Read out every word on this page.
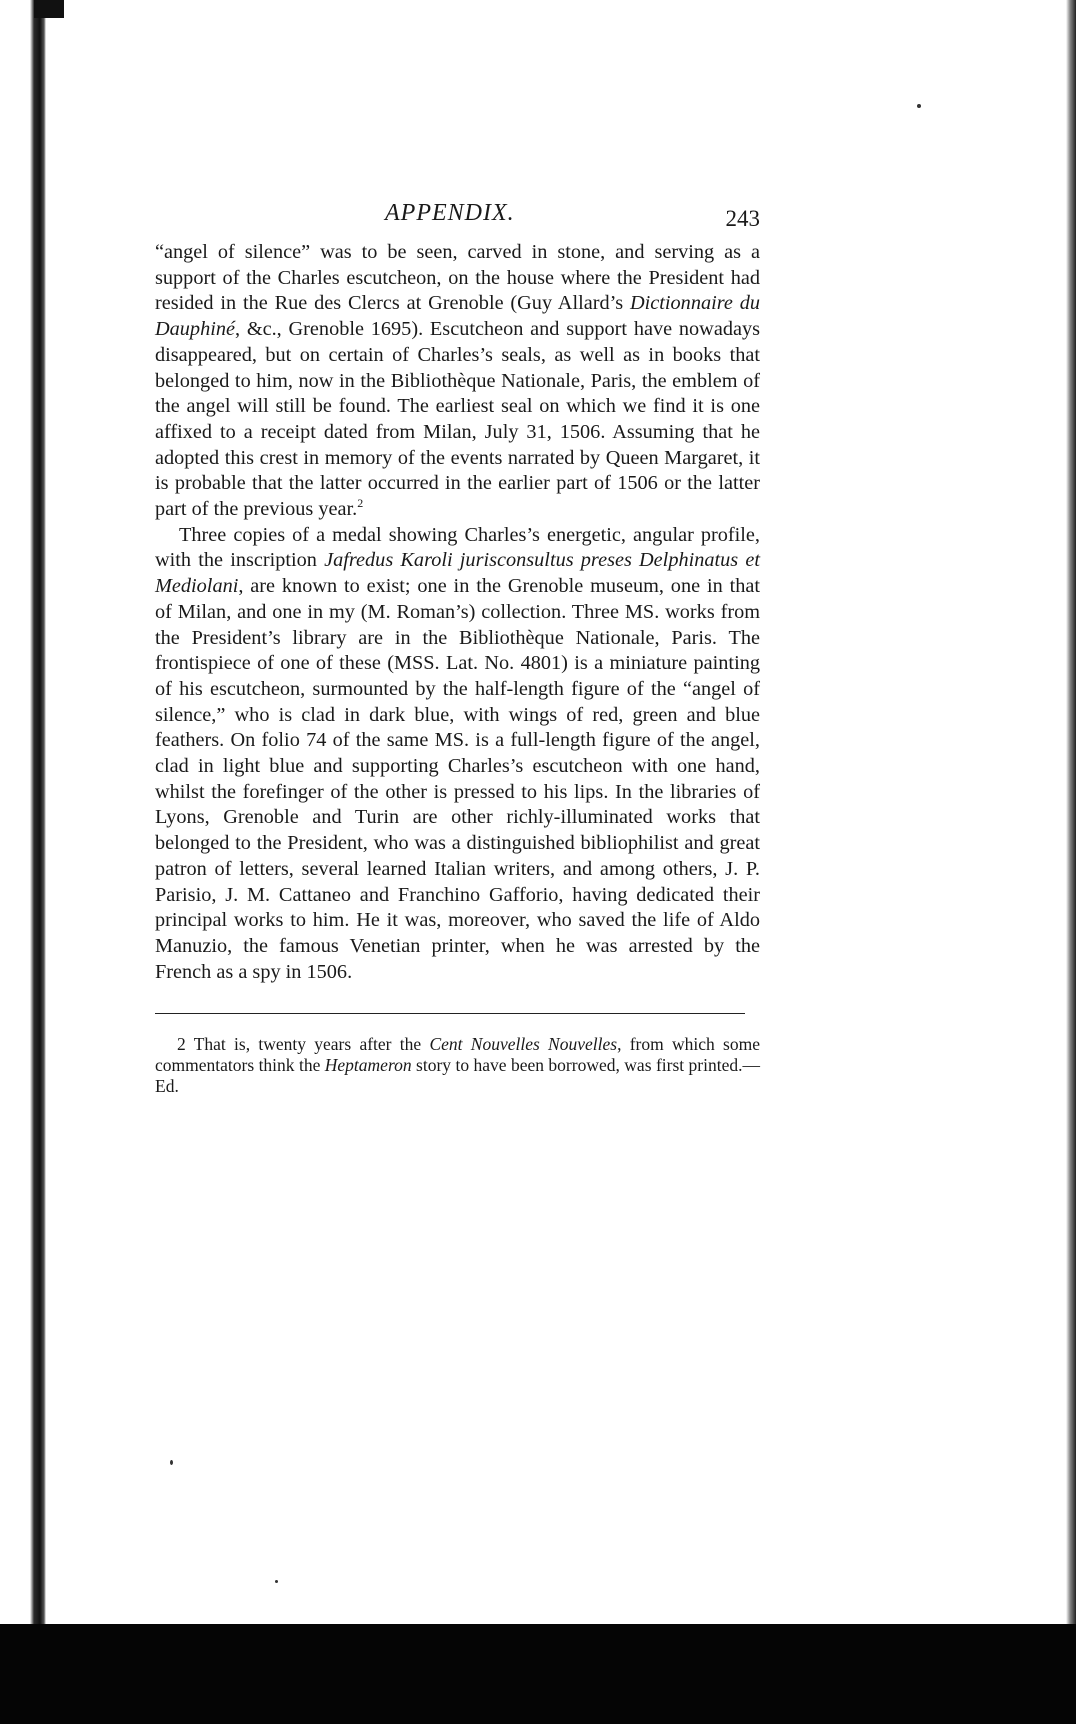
APPENDIX.	243

“angel of silence” was to be seen, carved in stone, and serving as a support of the Charles escutcheon, on the house where the President had resided in the Rue des Clercs at Grenoble (Guy Allard’s Dictionnaire du Dauphiné, &c., Grenoble 1695). Escutcheon and support have nowadays disappeared, but on certain of Charles’s seals, as well as in books that belonged to him, now in the Bibliothèque Nationale, Paris, the emblem of the angel will still be found. The earliest seal on which we find it is one affixed to a receipt dated from Milan, July 31, 1506. Assuming that he adopted this crest in memory of the events narrated by Queen Margaret, it is probable that the latter occurred in the earlier part of 1506 or the latter part of the previous year.$^2$

Three copies of a medal showing Charles’s energetic, angular profile, with the inscription Jafredus Karoli jurisconsultus preses Delphinatus et Mediolani, are known to exist; one in the Grenoble museum, one in that of Milan, and one in my (M. Roman’s) collection. Three MS. works from the President’s library are in the Bibliothèque Nationale, Paris. The frontispiece of one of these (MSS. Lat. No. 4801) is a miniature painting of his escutcheon, surmounted by the half-length figure of the “angel of silence,” who is clad in dark blue, with wings of red, green and blue feathers. On folio 74 of the same MS. is a full-length figure of the angel, clad in light blue and supporting Charles’s escutcheon with one hand, whilst the forefinger of the other is pressed to his lips. In the libraries of Lyons, Grenoble and Turin are other richly-illuminated works that belonged to the President, who was a distinguished bibliophilist and great patron of letters, several learned Italian writers, and among others, J. P. Parisio, J. M. Cattaneo and Franchino Gafforio, having dedicated their principal works to him. He it was, moreover, who saved the life of Aldo Manuzio, the famous Venetian printer, when he was arrested by the French as a spy in 1506.

2 That is, twenty years after the Cent Nouvelles Nouvelles, from which some commentators think the Heptameron story to have been borrowed, was first printed.—Ed.
